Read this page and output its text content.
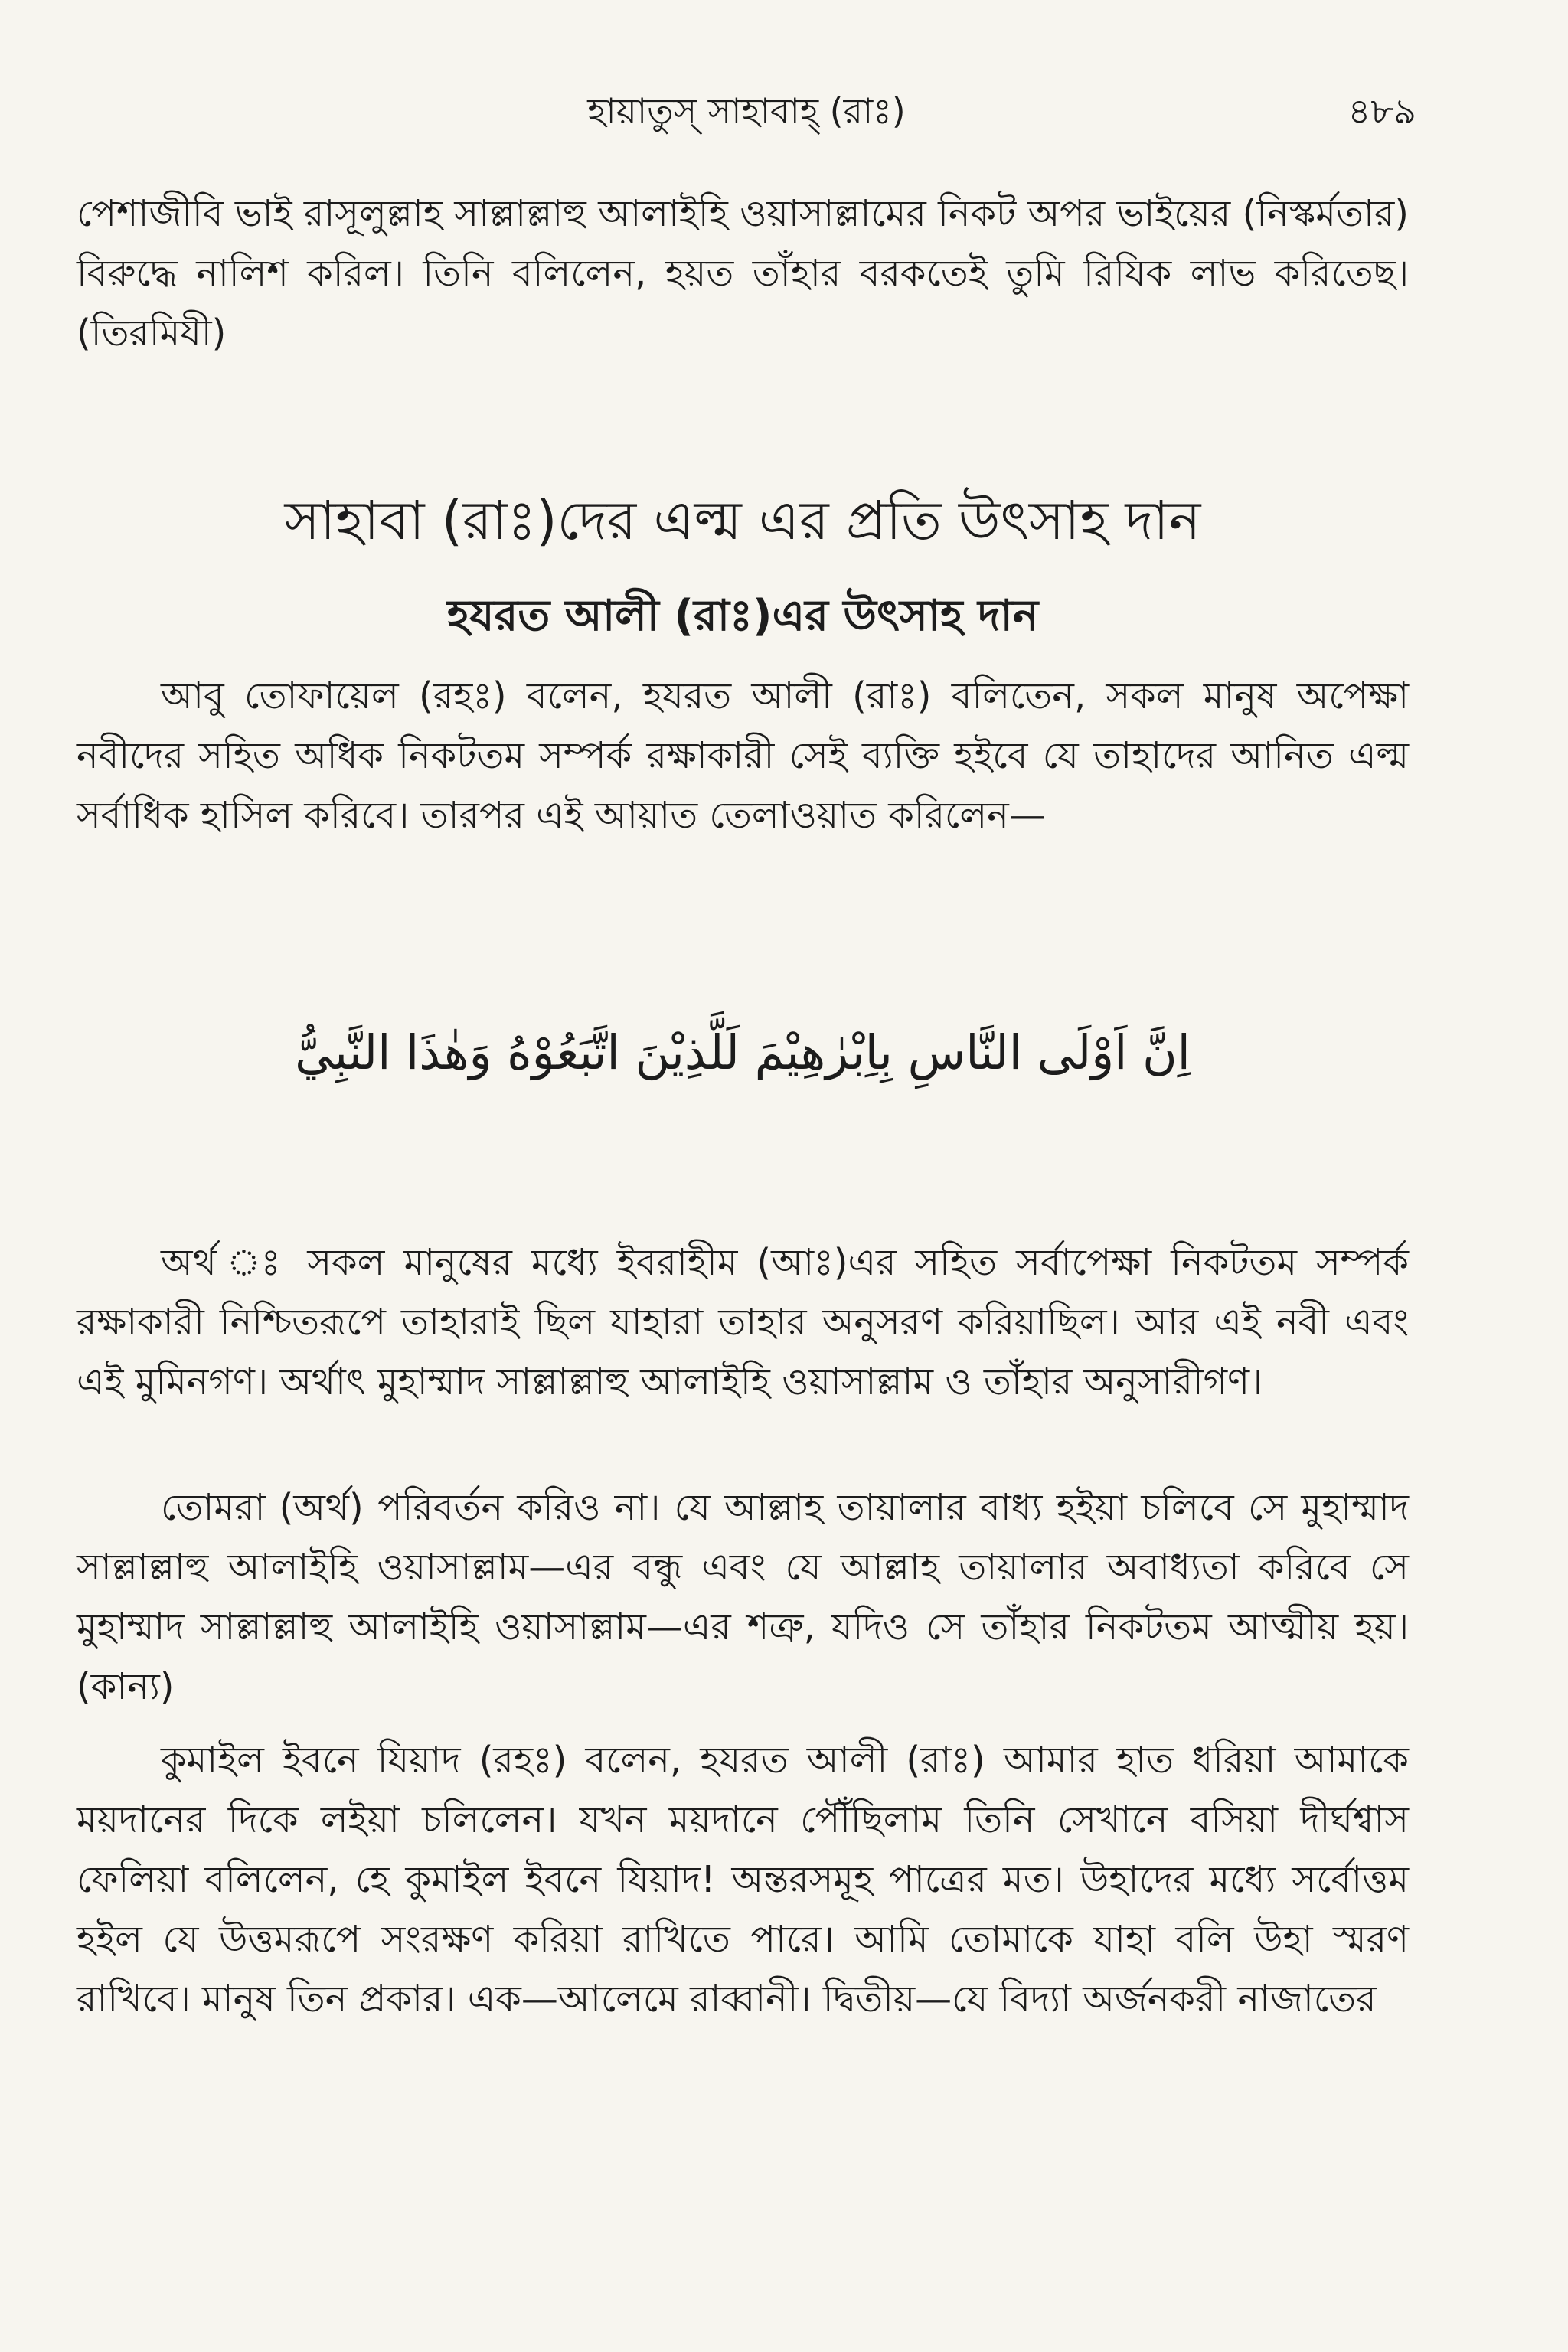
হায়াতুস্ সাহাবাহ্ (রাঃ)	৪৮৯

পেশাজীবি ভাই রাসূলুল্লাহ সাল্লাল্লাহু আলাইহি ওয়াসাল্লামের নিকট অপর ভাইয়ের (নিস্কর্মতার) বিরুদ্ধে নালিশ করিল। তিনি বলিলেন, হয়ত তাঁহার বরকতেই তুমি রিযিক লাভ করিতেছ। (তিরমিযী)

সাহাবা (রাঃ)দের এল্ম এর প্রতি উৎসাহ দান
হযরত আলী (রাঃ)এর উৎসাহ দান

আবু তোফায়েল (রহঃ) বলেন, হযরত আলী (রাঃ) বলিতেন, সকল মানুষ অপেক্ষা নবীদের সহিত অধিক নিকটতম সম্পর্ক রক্ষাকারী সেই ব্যক্তি হইবে যে তাহাদের আনিত এল্ম সর্বাধিক হাসিল করিবে। তারপর এই আয়াত তেলাওয়াত করিলেন—

اِنَّ اَوْلَى النَّاسِ بِاِبْرٰهِيْمَ لَلَّذِيْنَ اتَّبَعُوْهُ وَهٰذَا النَّبِيُّ

অর্থ ঃ সকল মানুষের মধ্যে ইবরাহীম (আঃ)এর সহিত সর্বাপেক্ষা নিকটতম সম্পর্ক রক্ষাকারী নিশ্চিতরূপে তাহারাই ছিল যাহারা তাহার অনুসরণ করিয়াছিল। আর এই নবী এবং এই মুমিনগণ। অর্থাৎ মুহাম্মাদ সাল্লাল্লাহু আলাইহি ওয়াসাল্লাম ও তাঁহার অনুসারীগণ।

তোমরা (অর্থ) পরিবর্তন করিও না। যে আল্লাহ তায়ালার বাধ্য হইয়া চলিবে সে মুহাম্মাদ সাল্লাল্লাহু আলাইহি ওয়াসাল্লাম—এর বন্ধু এবং যে আল্লাহ তায়ালার অবাধ্যতা করিবে সে মুহাম্মাদ সাল্লাল্লাহু আলাইহি ওয়াসাল্লাম—এর শত্রু, যদিও সে তাঁহার নিকটতম আত্মীয় হয়। (কান্য)

কুমাইল ইবনে যিয়াদ (রহঃ) বলেন, হযরত আলী (রাঃ) আমার হাত ধরিয়া আমাকে ময়দানের দিকে লইয়া চলিলেন। যখন ময়দানে পৌঁছিলাম তিনি সেখানে বসিয়া দীর্ঘশ্বাস ফেলিয়া বলিলেন, হে কুমাইল ইবনে যিয়াদ! অন্তরসমূহ পাত্রের মত। উহাদের মধ্যে সর্বোত্তম হইল যে উত্তমরূপে সংরক্ষণ করিয়া রাখিতে পারে। আমি তোমাকে যাহা বলি উহা স্মরণ রাখিবে। মানুষ তিন প্রকার। এক—আলেমে রাব্বানী। দ্বিতীয়—যে বিদ্যা অর্জনকরী নাজাতের
